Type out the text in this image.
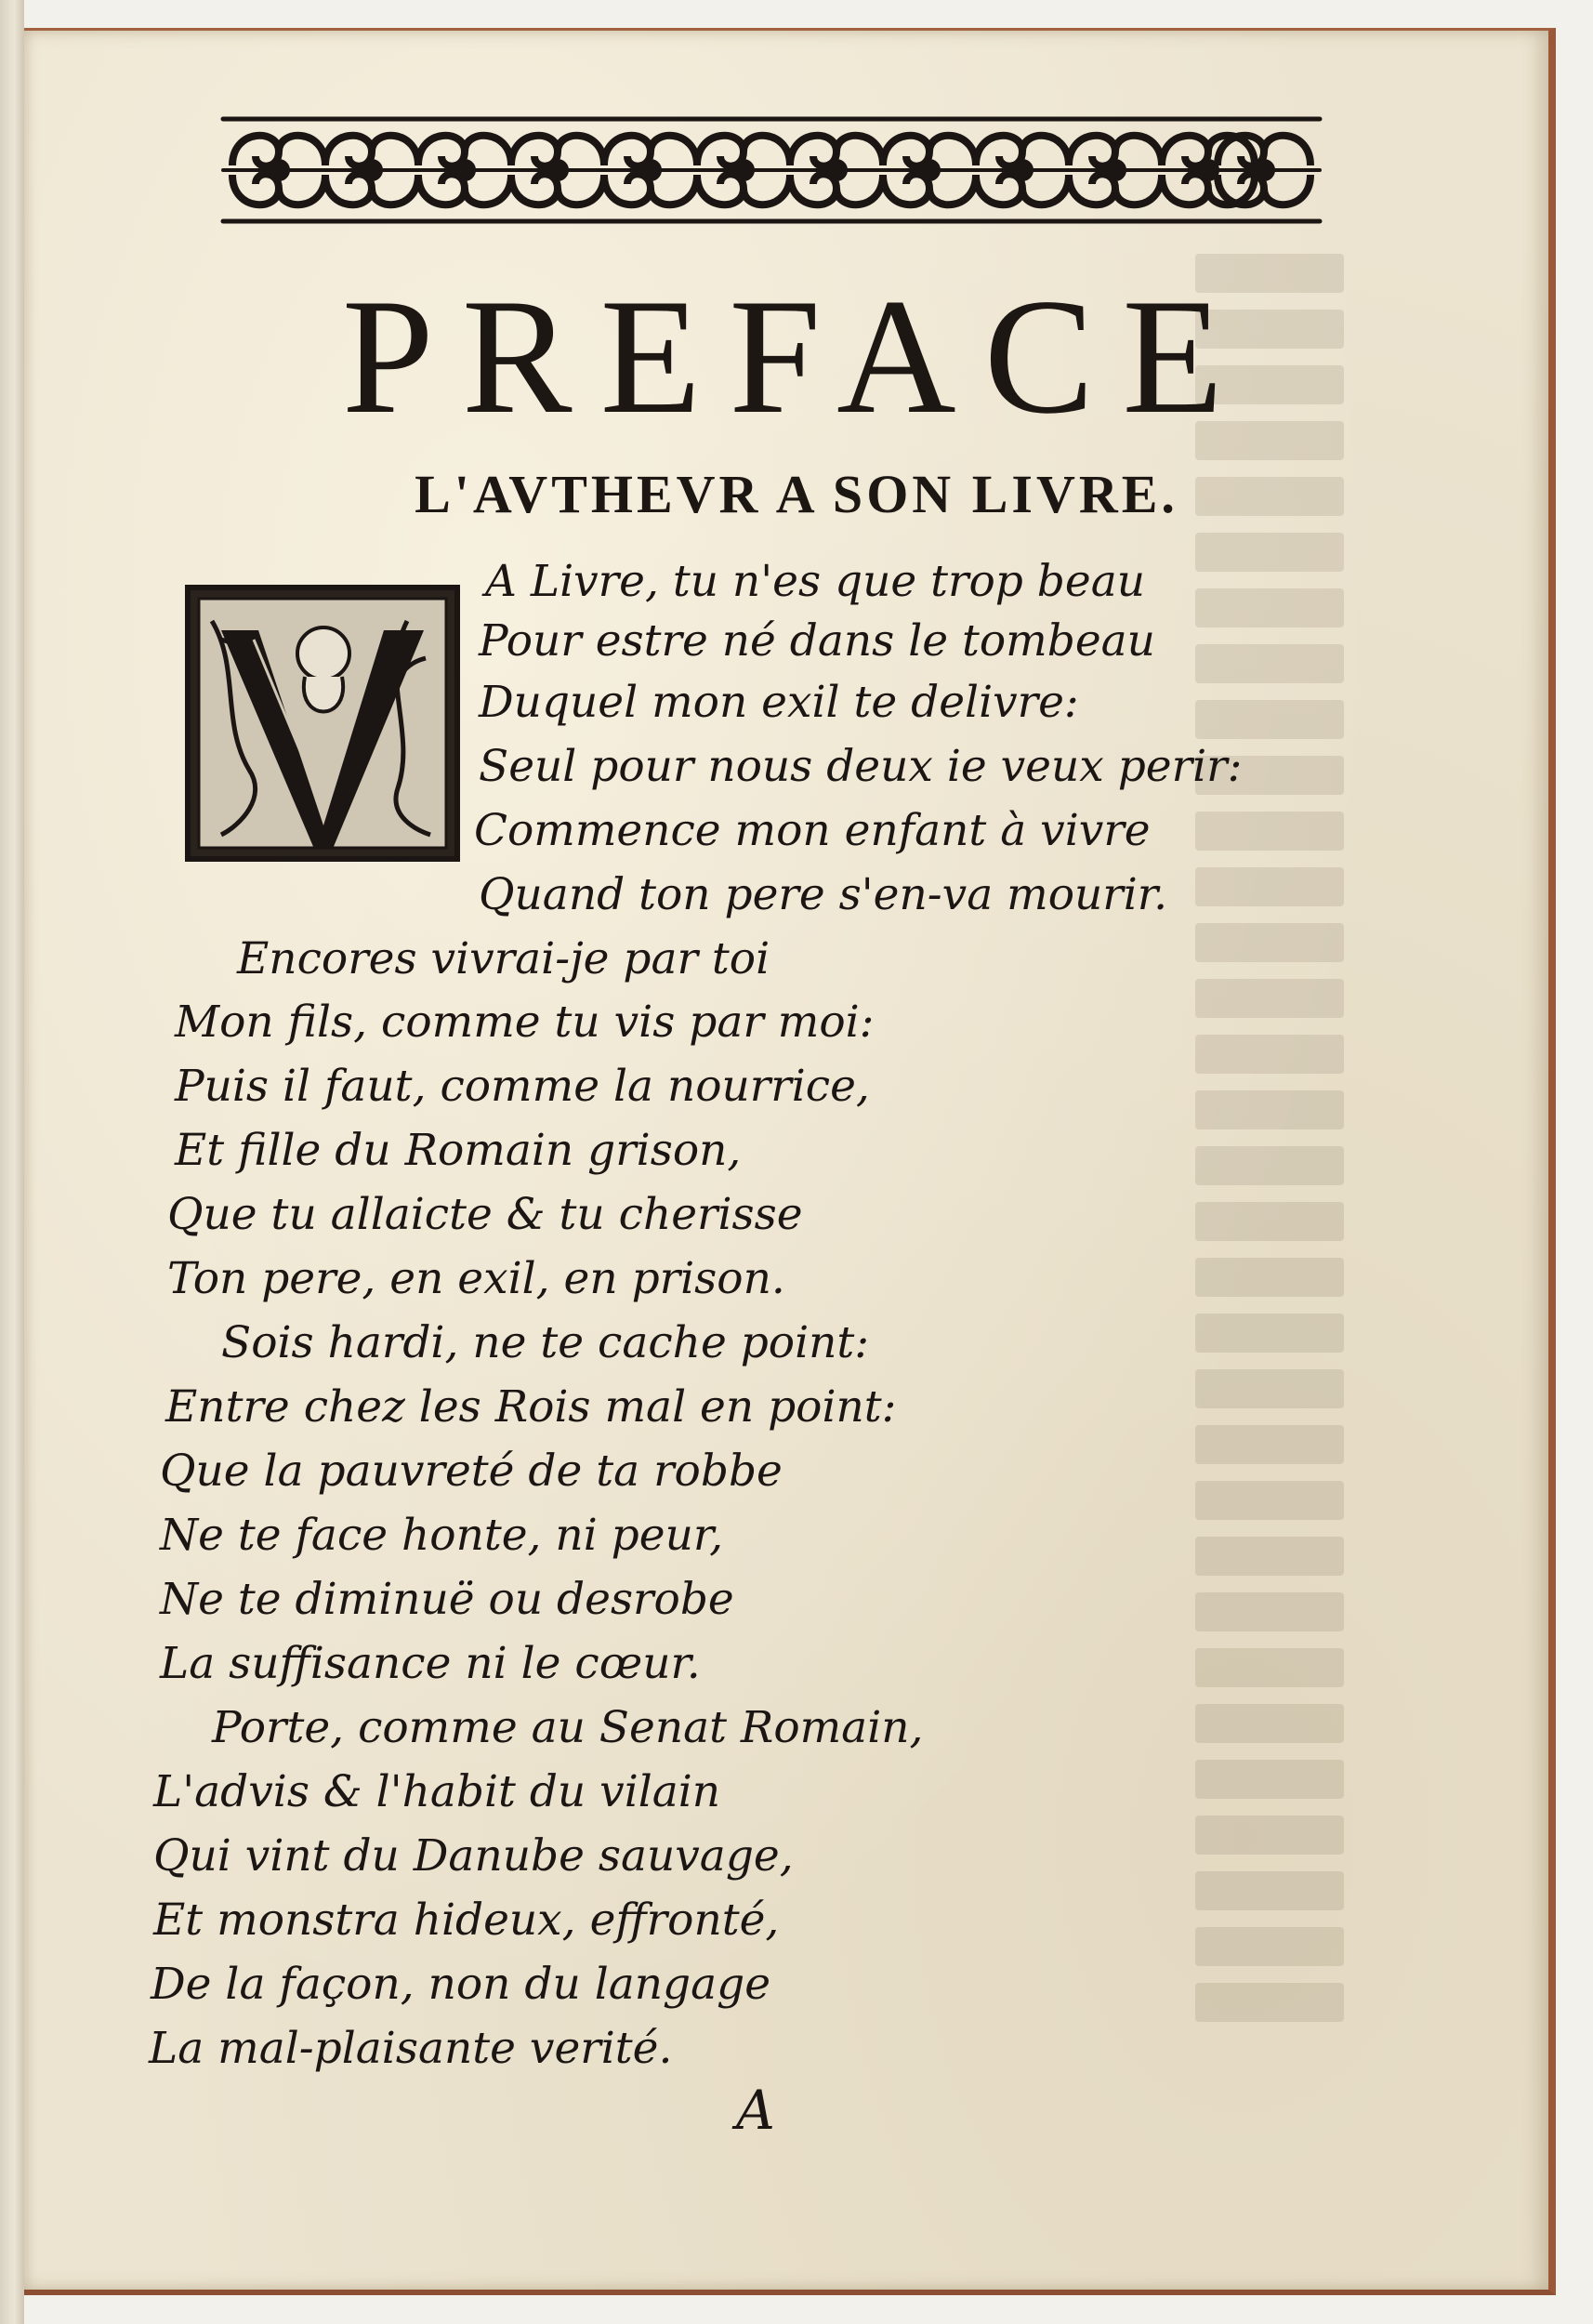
PREFACE
L'AVTHEVR A SON LIVRE.
A Livre, tu n'es que trop beau
Pour estre né dans le tombeau
Duquel mon exil te delivre:
Seul pour nous deux ie veux perir:
Commence mon enfant à vivre
Quand ton pere s'en-va mourir.
Encores vivrai-je par toi
Mon fils, comme tu vis par moi:
Puis il faut, comme la nourrice,
Et fille du Romain grison,
Que tu allaicte & tu cherisse
Ton pere, en exil, en prison.
Sois hardi, ne te cache point:
Entre chez les Rois mal en point:
Que la pauvreté de ta robbe
Ne te face honte, ni peur,
Ne te diminuë ou desrobe
La suffisance ni le cœur.
Porte, comme au Senat Romain,
L'advis & l'habit du vilain
Qui vint du Danube sauvage,
Et monstra hideux, effronté,
De la façon, non du langage
La mal-plaisante verité.
A
